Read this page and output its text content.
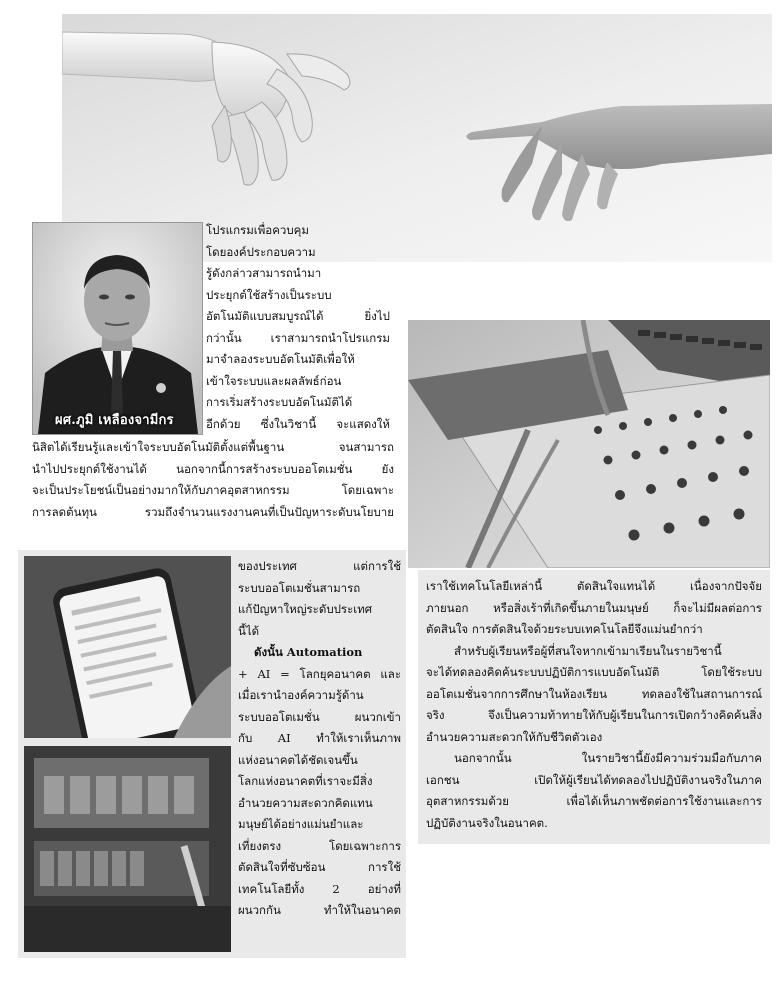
ผศ.ภูมิ เหลืองจามีกร

โปรแกรมเพื่อควบคุม

โดยองค์ประกอบความ

รู้ดังกล่าวสามารถนำมา

ประยุกต์ใช้สร้างเป็นระบบ

อัตโนมัติแบบสมบูรณ์ได้ ยิ่งไป

กว่านั้น เราสามารถนำโปรแกรม

มาจำลองระบบอัตโนมัติเพื่อให้

เข้าใจระบบและผลลัพธ์ก่อน

การเริ่มสร้างระบบอัตโนมัติได้

อีกด้วย ซึ่งในวิชานี้ จะแสดงให้

นิสิตได้เรียนรู้และเข้าใจระบบอัตโนมัติตั้งแต่พื้นฐาน จนสามารถ

นำไปประยุกต์ใช้งานได้ นอกจากนี้การสร้างระบบออโตเมชั่น ยัง

จะเป็นประโยชน์เป็นอย่างมากให้กับภาคอุตสาหกรรม โดยเฉพาะ

การลดต้นทุน รวมถึงจำนวนแรงงานคนที่เป็นปัญหาระดับนโยบาย

ของประเทศ แต่การใช้

ระบบออโตเมชั่นสามารถ

แก้ปัญหาใหญ่ระดับประเทศ

นี้ได้

ดังนั้น Automation

+ AI = โลกยุคอนาคต และ

เมื่อเรานำองค์ความรู้ด้าน

ระบบออโตเมชั่น ผนวกเข้า

กับ AI ทำให้เราเห็นภาพ

แห่งอนาคตได้ชัดเจนขึ้น

โลกแห่งอนาคตที่เราจะมีสิ่ง

อำนวยความสะดวกคิดแทน

มนุษย์ได้อย่างแม่นยำและ

เที่ยงตรง โดยเฉพาะการ

ตัดสินใจที่ซับซ้อน การใช้

เทคโนโลยีทั้ง 2 อย่างที่

ผนวกกัน ทำให้ในอนาคต

เราใช้เทคโนโลยีเหล่านี้ ตัดสินใจแทนได้ เนื่องจากปัจจัย

ภายนอก หรือสิ่งเร้าที่เกิดขึ้นภายในมนุษย์ ก็จะไม่มีผลต่อการ

ตัดสินใจ การตัดสินใจด้วยระบบเทคโนโลยีจึงแม่นยำกว่า

สำหรับผู้เรียนหรือผู้ที่สนใจหากเข้ามาเรียนในรายวิชานี้

จะได้ทดลองคิดค้นระบบปฏิบัติการแบบอัตโนมัติ โดยใช้ระบบ

ออโตเมชั่นจากการศึกษาในห้องเรียน ทดลองใช้ในสถานการณ์

จริง จึงเป็นความท้าทายให้กับผู้เรียนในการเปิดกว้างคิดค้นสิ่ง

อำนวยความสะดวกให้กับชีวิตตัวเอง

นอกจากนั้น ในรายวิชานี้ยังมีความร่วมมือกับภาค

เอกชน เปิดให้ผู้เรียนได้ทดลองไปปฏิบัติงานจริงในภาค

อุตสาหกรรมด้วย เพื่อได้เห็นภาพชัดต่อการใช้งานและการ

ปฏิบัติงานจริงในอนาคต.
